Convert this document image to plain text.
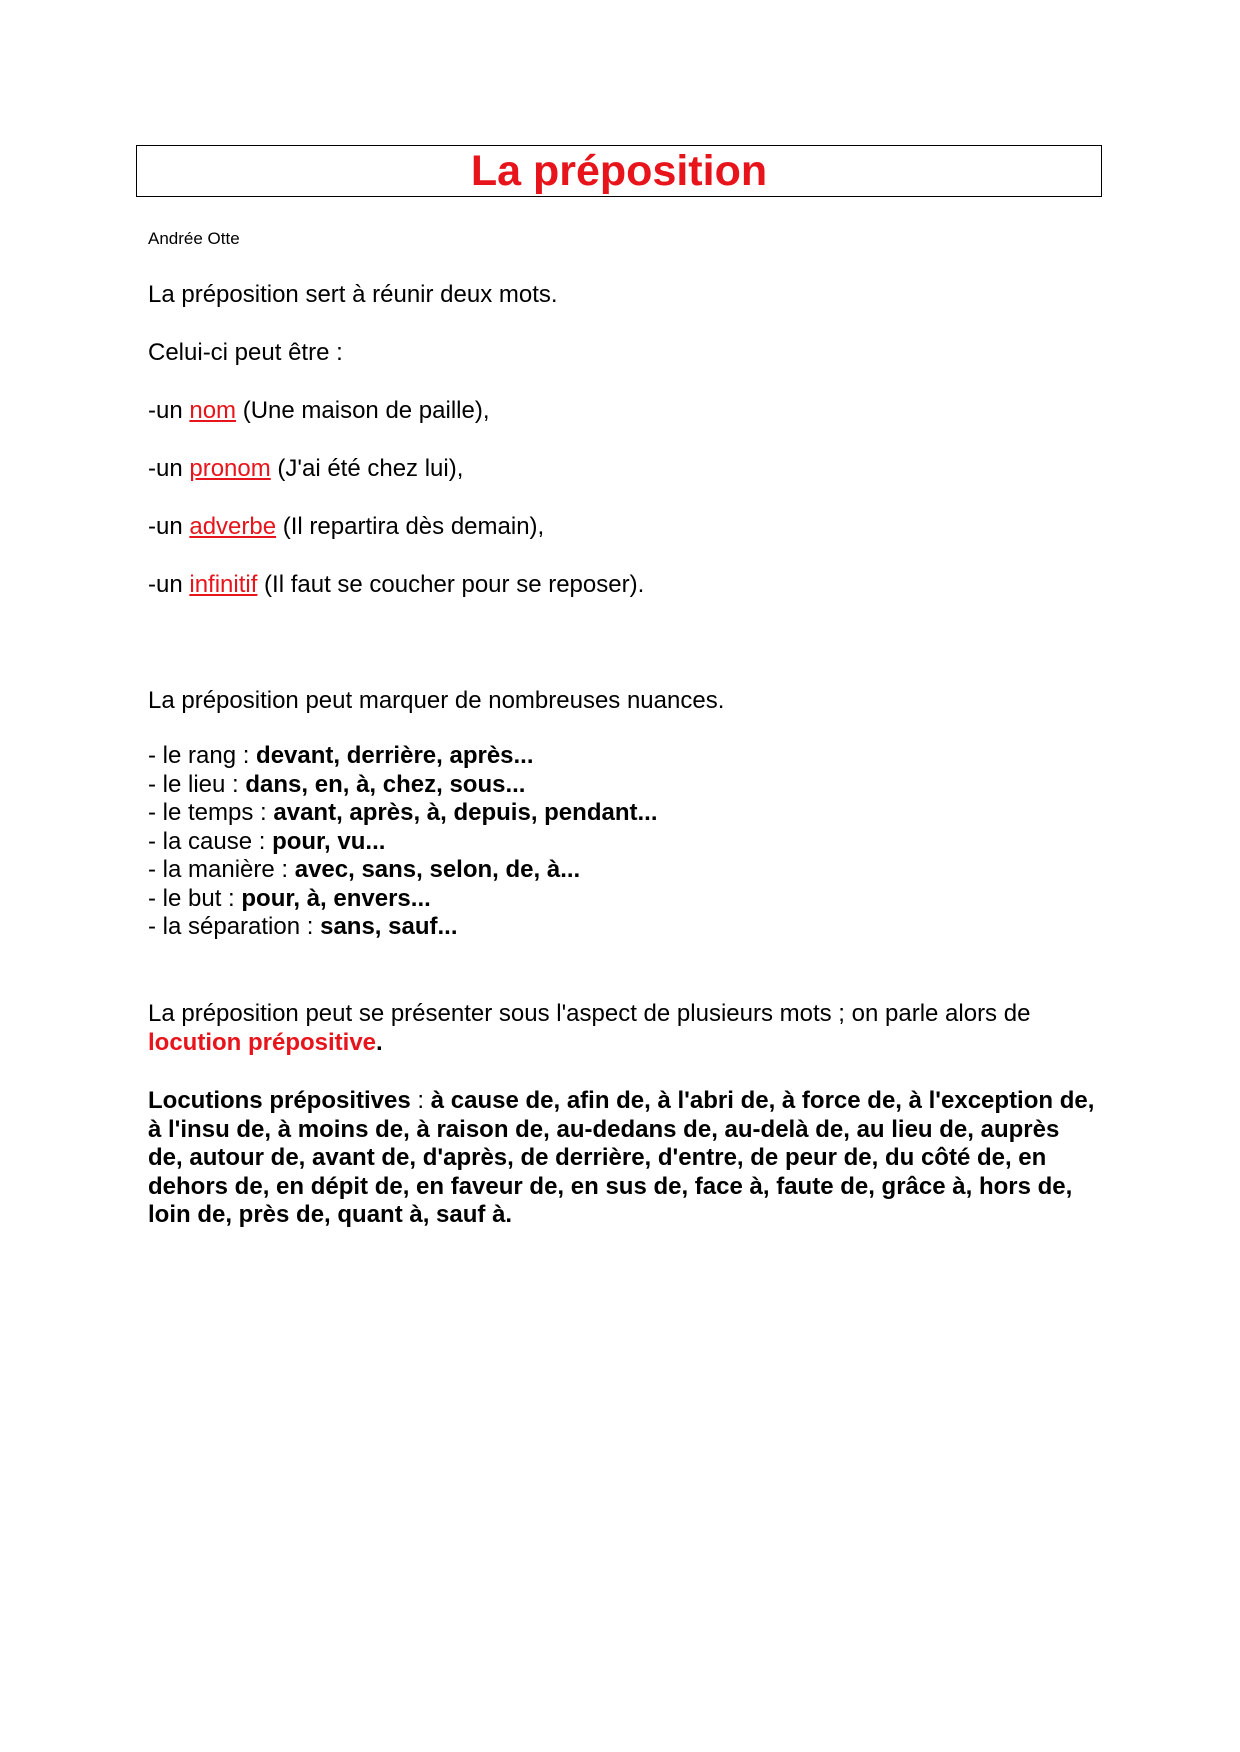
La préposition
Andrée Otte
La préposition sert à réunir deux mots.
Celui-ci peut être :
-un nom (Une maison de paille),
-un pronom (J'ai été chez lui),
-un adverbe (Il repartira dès demain),
-un infinitif (Il faut se coucher pour se reposer).
La préposition peut marquer de nombreuses nuances.
- le rang : devant, derrière, après...
- le lieu : dans, en, à, chez, sous...
- le temps : avant, après, à, depuis, pendant...
- la cause : pour, vu...
- la manière : avec, sans, selon, de, à...
- le but : pour, à, envers...
- la séparation : sans, sauf...
La préposition peut se présenter sous l'aspect de plusieurs mots ; on parle alors de locution prépositive.
Locutions prépositives : à cause de, afin de, à l'abri de, à force de, à l'exception de, à l'insu de, à moins de, à raison de, au-dedans de, au-delà de, au lieu de, auprès de, autour de, avant de, d'après, de derrière, d'entre, de peur de, du côté de, en dehors de, en dépit de, en faveur de, en sus de, face à, faute de, grâce à, hors de, loin de, près de, quant à, sauf à.
